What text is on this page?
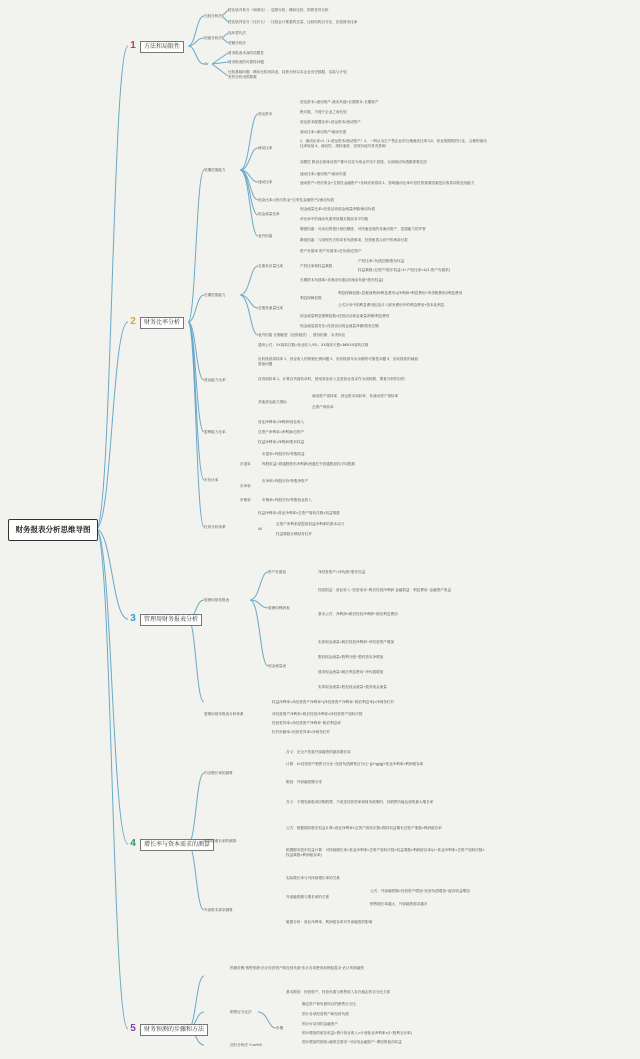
财务报表分析思维导图
1 方法和局限性
2 财务比率分析
3 管理用财务报表分析
4 增长率与资本需求的测算
5 财务预测的步骤和方法
比较分析法
按比较对象分（和谁比）：趋势分析、横向比较、预算差异分析
按比较内容分（比什么）：比较会计要素的总量、比较结构百分比、比较财务比率
因素分析法
连环替代法
差额分析法
4V
财务报表本身的局限性
财务报表的可靠性问题
比较基础问题：横向比较用同业、趋势分析以本企业历史数据、实际与计划差异分析用预算数
短期偿债能力
营运资本
营运资本=流动资产-流动负债=长期资本-长期资产
绝对数，不便于企业之间比较
营运资本配置比率=营运资本/流动资产
流动比率
流动比率=流动资产/流动负债
1、流动比率>1（1-营运资本/流动资产）2、一般认为生产型企业的合理流动比率为2。营业周期短的行业，合理的流动比率较低 4、流动性、周转速度、变现价值对其有影响
局限性 假设全部流动资产都可以变为现金并用于偿债，全部流动负债都需要还清
速动比率
速动比率=速动资产/流动负债
速动资产=货币资金+交易性金融资产+各种应收款项 1、影响速动比率可信性的重要因素是应收款项的变现能力
现金比率=(货币资金+交易性金融资产)/流动负债
现金流量比率
现金流量比率=经营活动现金流量净额/流动负债
该比率中的流动负债采用期末数而非平均数
表外因素
增强因素：可动用的银行授信额度、可快速变现的非流动资产、偿债能力的声誉
降低因素：与担保有关的或有负债事项、经营租赁合同中的承诺付款
长期偿债能力
总债务存量比率
资产负债率 资产负债率=总负债/总资产
产权比率和权益乘数
产权比率=负债总额/股东权益
权益乘数=总资产/股东权益=1+产权比率=1/(1-资产负债率)
长期资本负债率=非流动负债/(非流动负债+股东权益)
总债务流量比率
利息保障倍数
利息保障倍数=息税前利润/利息费用=(净利润+利息费用+所得税费用)/利息费用
公式分母中的利息费用包括计入财务费用中的利息费用+资本化利息
现金流量利息保障倍数=经营活动现金流量净额/利息费用
现金流量债务比=经营活动现金流量净额/债务总额
表外因素 长期租赁（经营租赁）、债务担保、未决诉讼
营运能力比率
通用公式：XX周转次数=营业收入/XX；XX周转天数=365/XX周转次数
应收账款周转率 1、营业收入的赊销比例问题 2、应收账款年末余额的可靠性问题 3、应收账款的减值准备问题
存货周转率 1、计算存货周转率时，使用营业收入还是营业成本作为周转额，要看分析的目的
其他营运能力指标
流动资产周转率、营运资本周转率、非流动资产周转率
总资产周转率
盈利能力比率
营业净利率=净利润/营业收入
总资产净利率=净利润/总资产
权益净利率=净利润/股东权益
市价比率
市盈率
市盈率=每股市价/每股收益
每股收益=普通股股东净利润/流通在外普通股加权平均股数
市净率
市净率=每股市价/每股净资产
市销率	市销率=每股市价/每股营业收入
杜邦分析体系
权益净利率=营业净利率×总资产周转次数×权益乘数
4V
总资产净利率是提高权益净利率的基本动力
权益乘数反映财务杠杆
管理用财务报表
资产负债表	净经营资产=净负债+股东权益
管理用利润表
经营损益：营业收入−经营成本−税后经营净利润 金融损益：利息费用−金融资产收益
基本公式：净利润=税后经营净利润−税后利息费用
现金流量表
实体现金流量=税后经营净利润−净经营资产增加
股权现金流量=股利分配−股权资本净增加
债务现金流量=税后利息费用−净负债增加
实体现金流量=股权现金流量+债务现金流量
管理用财务报表分析体系
权益净利率=净经营资产净利率+(净经营资产净利率−税后利息率)×净财务杠杆
净经营资产净利率=税后经营净利率×净经营资产周转次数
经营差异率=净经营资产净利率−税后利息率
杠杆贡献率=经营差异率×净财务杠杆
内含增长率的测算
含义：完全不依靠外部融资的最高增长率
计算：0=经营资产销售百分比−经营负债销售百分比−[(1+g)/g]×营业净利率×利润留存率
假设：外部融资额为零
可持续增长率的测算
含义：不增发新股或回购股票，不改变经营效率和财务政策时，其销售所能达到的最大增长率
公式：根据期初股东权益计算=营业净利率×总资产周转次数×期初权益期末总资产乘数×利润留存率
根据期末股东权益计算：可持续增长率=营业净利率×总资产周转次数×权益乘数×利润留存率/(1−营业净利率×总资产周转次数×权益乘数×利润留存率)
实际增长率与可持续增长率的关系
外部资本需求测算
外部融资额与增长率的关系
公式：外部融资额=经营资产增加−经营负债增加−留存收益增加
销售增长率越大，外部融资需求越多
敏感分析：营业净利率、利润留存率对外部融资的影响
预测步骤 销售预测·估计经营资产和经营负债·估计各项费用和保留盈余·估计所需融资
销售百分比法
基本假设：经营资产、经营负债与销售收入存在稳定的百分比关系
步骤
确定资产和负债项目的销售百分比
预计各项经营资产和经营负债
预计可动用的金融资产
预计增加的留存收益=预计营业收入×计划营业净利率×(1−股利支付率)
预计增加的借款=融资总需求−可动用金融资产−增加的留存收益
回归分析法 Y=a+bX
